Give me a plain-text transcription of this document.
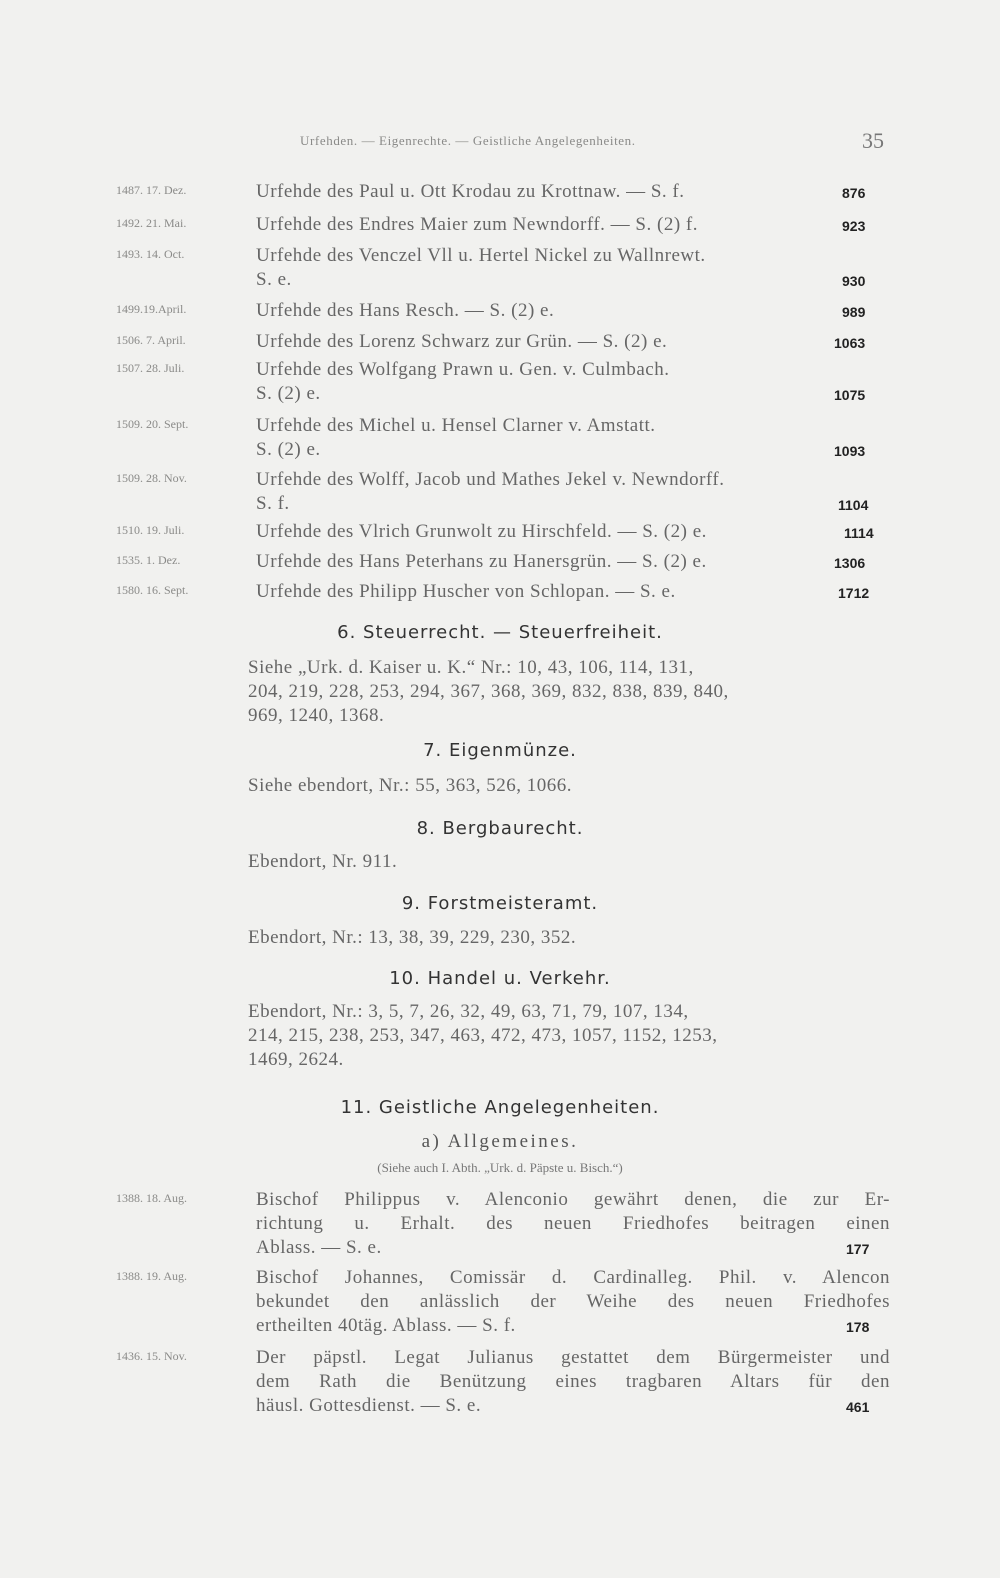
Urfehden. — Eigenrechte. — Geistliche Angelegenheiten.	35
1487. 17. Dez.	Urfehde des Paul u. Ott Krodau zu Krottnaw. — S. f.	876
1492. 21. Mai.	Urfehde des Endres Maier zum Newndorff. — S. (2) f.	923
1493. 14. Oct.	Urfehde des Venczel Vll u. Hertel Nickel zu Wallnrewt.
S. e.	930
1499.19.April.	Urfehde des Hans Resch. — S. (2) e.	989
1506. 7. April.	Urfehde des Lorenz Schwarz zur Grün. — S. (2) e.	1063
1507. 28. Juli.	Urfehde des Wolfgang Prawn u. Gen. v. Culmbach.
S. (2) e.	1075
1509. 20. Sept.	Urfehde des Michel u. Hensel Clarner v. Amstatt.
S. (2) e.	1093
1509. 28. Nov.	Urfehde des Wolff, Jacob und Mathes Jekel v. Newndorff.
S. f.	1104
1510. 19. Juli.	Urfehde des Vlrich Grunwolt zu Hirschfeld. — S. (2) e.	1114
1535. 1. Dez.	Urfehde des Hans Peterhans zu Hanersgrün. — S. (2) e.	1306
1580. 16. Sept.	Urfehde des Philipp Huscher von Schlopan. — S. e.	1712
6. Steuerrecht. — Steuerfreiheit.
Siehe „Urk. d. Kaiser u. K.“ Nr.: 10, 43, 106, 114, 131,
204, 219, 228, 253, 294, 367, 368, 369, 832, 838, 839, 840,
969, 1240, 1368.
7. Eigenmünze.
Siehe ebendort, Nr.: 55, 363, 526, 1066.
8. Bergbaurecht.
Ebendort, Nr. 911.
9. Forstmeisteramt.
Ebendort, Nr.: 13, 38, 39, 229, 230, 352.
10. Handel u. Verkehr.
Ebendort, Nr.: 3, 5, 7, 26, 32, 49, 63, 71, 79, 107, 134,
214, 215, 238, 253, 347, 463, 472, 473, 1057, 1152, 1253,
1469, 2624.
11. Geistliche Angelegenheiten.
a) Allgemeines.
(Siehe auch I. Abth. „Urk. d. Päpste u. Bisch.“)
1388. 18. Aug.	Bischof Philippus v. Alenconio gewährt denen, die zur Er-
richtung u. Erhalt. des neuen Friedhofes beitragen einen
Ablass. — S. e.	177
1388. 19. Aug.	Bischof Johannes, Comissär d. Cardinalleg. Phil. v. Alencon
bekundet den anlässlich der Weihe des neuen Friedhofes
ertheilten 40täg. Ablass. — S. f.	178
1436. 15. Nov.	Der päpstl. Legat Julianus gestattet dem Bürgermeister und
dem Rath die Benützung eines tragbaren Altars für den
häusl. Gottesdienst. — S. e.	461
